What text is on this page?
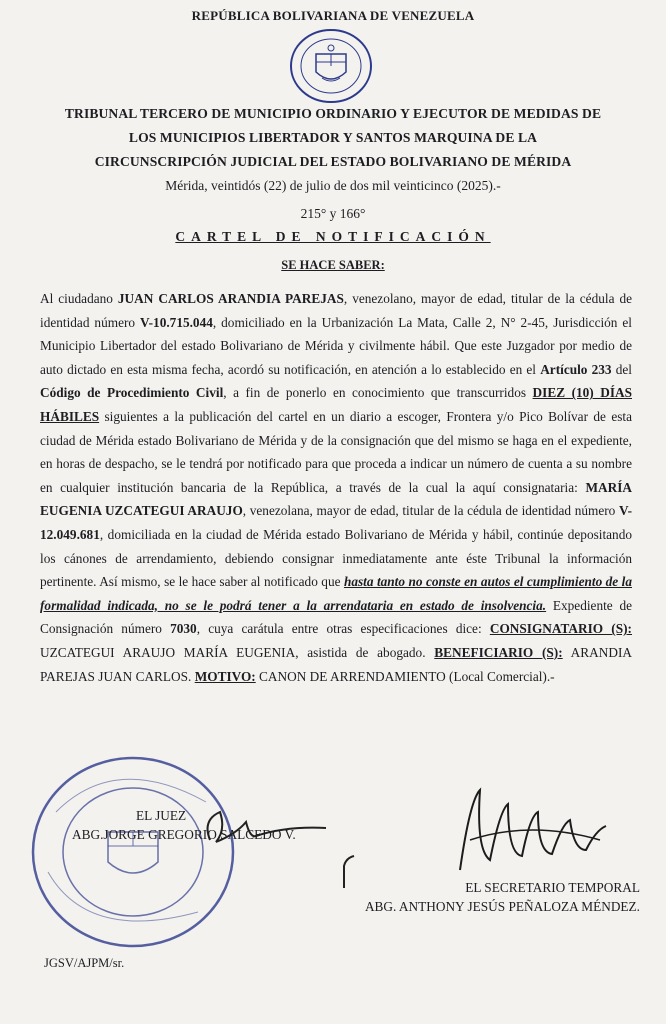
REPÚBLICA BOLIVARIANA DE VENEZUELA
TRIBUNAL TERCERO DE MUNICIPIO ORDINARIO Y EJECUTOR DE MEDIDAS DE
LOS MUNICIPIOS LIBERTADOR Y SANTOS MARQUINA DE LA
CIRCUNSCRIPCIÓN JUDICIAL DEL ESTADO BOLIVARIANO DE MÉRIDA
Mérida, veintidós (22) de julio de dos mil veinticinco (2025).-
215° y 166°
CARTEL DE NOTIFICACIÓN
SE HACE SABER:
Al ciudadano JUAN CARLOS ARANDIA PAREJAS, venezolano, mayor de edad, titular de la cédula de identidad número V-10.715.044, domiciliado en la Urbanización La Mata, Calle 2, N° 2-45, Jurisdicción el Municipio Libertador del estado Bolivariano de Mérida y civilmente hábil. Que este Juzgador por medio de auto dictado en esta misma fecha, acordó su notificación, en atención a lo establecido en el Artículo 233 del Código de Procedimiento Civil, a fin de ponerlo en conocimiento que transcurridos DIEZ (10) DÍAS HÁBILES siguientes a la publicación del cartel en un diario a escoger, Frontera y/o Pico Bolívar de esta ciudad de Mérida estado Bolivariano de Mérida y de la consignación que del mismo se haga en el expediente, en horas de despacho, se le tendrá por notificado para que proceda a indicar un número de cuenta a su nombre en cualquier institución bancaria de la República, a través de la cual la aquí consignataria: MARÍA EUGENIA UZCATEGUI ARAUJO, venezolana, mayor de edad, titular de la cédula de identidad número V-12.049.681, domiciliada en la ciudad de Mérida estado Bolivariano de Mérida y hábil, continúe depositando los cánones de arrendamiento, debiendo consignar inmediatamente ante éste Tribunal la información pertinente. Así mismo, se le hace saber al notificado que hasta tanto no conste en autos el cumplimiento de la formalidad indicada, no se le podrá tener a la arrendataria en estado de insolvencia. Expediente de Consignación número 7030, cuya carátula entre otras especificaciones dice: CONSIGNATARIO (S): UZCATEGUI ARAUJO MARÍA EUGENIA, asistida de abogado. BENEFICIARIO (S): ARANDIA PAREJAS JUAN CARLOS. MOTIVO: CANON DE ARRENDAMIENTO (Local Comercial).-
EL JUEZ
ABG.JORGE GREGORIO SALCEDO V.
EL SECRETARIO TEMPORAL
ABG. ANTHONY JESÚS PEÑALOZA MÉNDEZ.
JGSV/AJPM/sr.
